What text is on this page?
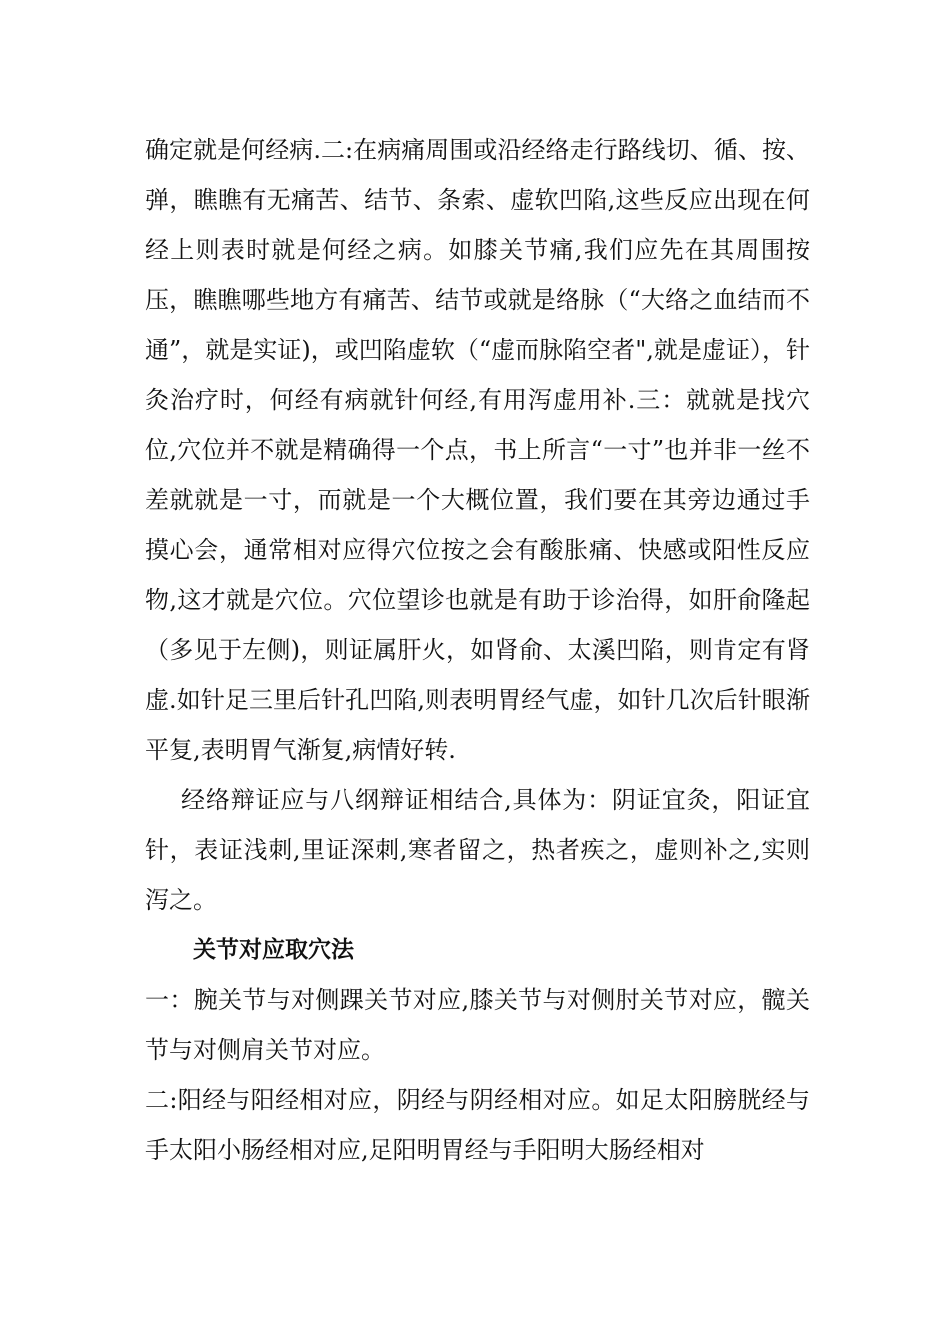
确定就是何经病.二:在病痛周围或沿经络走行路线切、循、按、弹，瞧瞧有无痛苦、结节、条索、虚软凹陷,这些反应出现在何经上则表时就是何经之病。如膝关节痛,我们应先在其周围按压，瞧瞧哪些地方有痛苦、结节或就是络脉（“大络之血结而不通”，就是实证)，或凹陷虚软（“虚而脉陷空者",就是虚证），针灸治疗时，何经有病就针何经,有用泻虚用补.三：就就是找穴位,穴位并不就是精确得一个点，书上所言“一寸”也并非一丝不差就就是一寸，而就是一个大概位置，我们要在其旁边通过手摸心会，通常相对应得穴位按之会有酸胀痛、快感或阳性反应物,这才就是穴位。穴位望诊也就是有助于诊治得，如肝俞隆起（多见于左侧)，则证属肝火，如肾俞、太溪凹陷，则肯定有肾虚.如针足三里后针孔凹陷,则表明胃经气虚，如针几次后针眼渐平复,表明胃气渐复,病情好转.

经络辩证应与八纲辩证相结合,具体为：阴证宜灸，阳证宜针，表证浅刺,里证深刺,寒者留之，热者疾之，虚则补之,实则泻之。

关节对应取穴法

一：腕关节与对侧踝关节对应,膝关节与对侧肘关节对应，髋关节与对侧肩关节对应。

二:阳经与阳经相对应，阴经与阴经相对应。如足太阳膀胱经与手太阳小肠经相对应,足阳明胃经与手阳明大肠经相对
